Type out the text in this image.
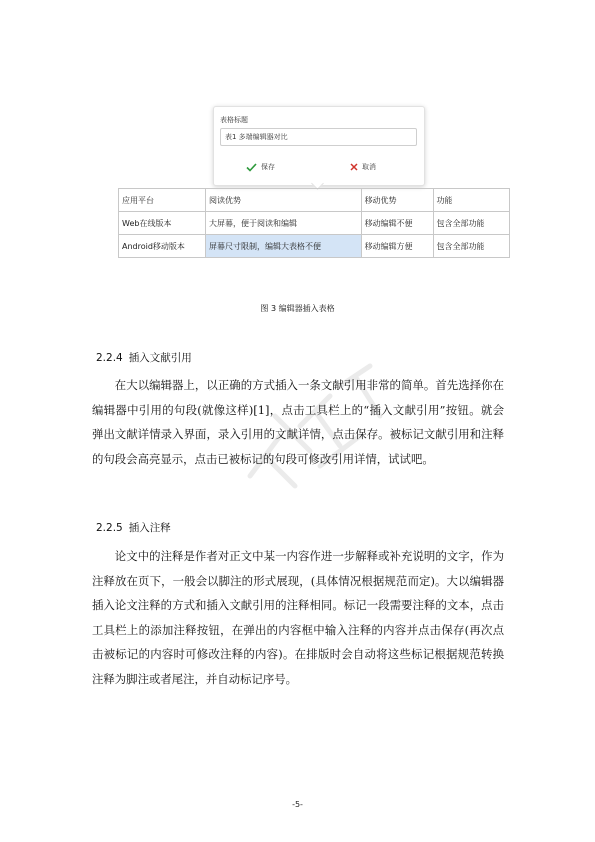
表格标题
表1 多端编辑器对比
保存	取消
应用平台	阅读优势	移动优势	功能
Web在线版本	大屏幕，便于阅读和编辑	移动编辑不便	包含全部功能
Android移动版本	屏幕尺寸限制，编辑大表格不便	移动编辑方便	包含全部功能
图 3 编辑器插入表格
2.2.4 插入文献引用

在大以编辑器上，以正确的方式插入一条文献引用非常的简单。首先选择你在编辑器中引用的句段(就像这样)[1]，点击工具栏上的“插入文献引用”按钮。就会弹出文献详情录入界面，录入引用的文献详情，点击保存。被标记文献引用和注释的句段会高亮显示，点击已被标记的句段可修改引用详情，试试吧。

2.2.5 插入注释

论文中的注释是作者对正文中某一内容作进一步解释或补充说明的文字，作为注释放在页下，一般会以脚注的形式展现，(具体情况根据规范而定)。大以编辑器插入论文注释的方式和插入文献引用的注释相同。标记一段需要注释的文本，点击工具栏上的添加注释按钮，在弹出的内容框中输入注释的内容并点击保存(再次点击被标记的内容时可修改注释的内容)。在排版时会自动将这些标记根据规范转换注释为脚注或者尾注，并自动标记序号。

-5-
